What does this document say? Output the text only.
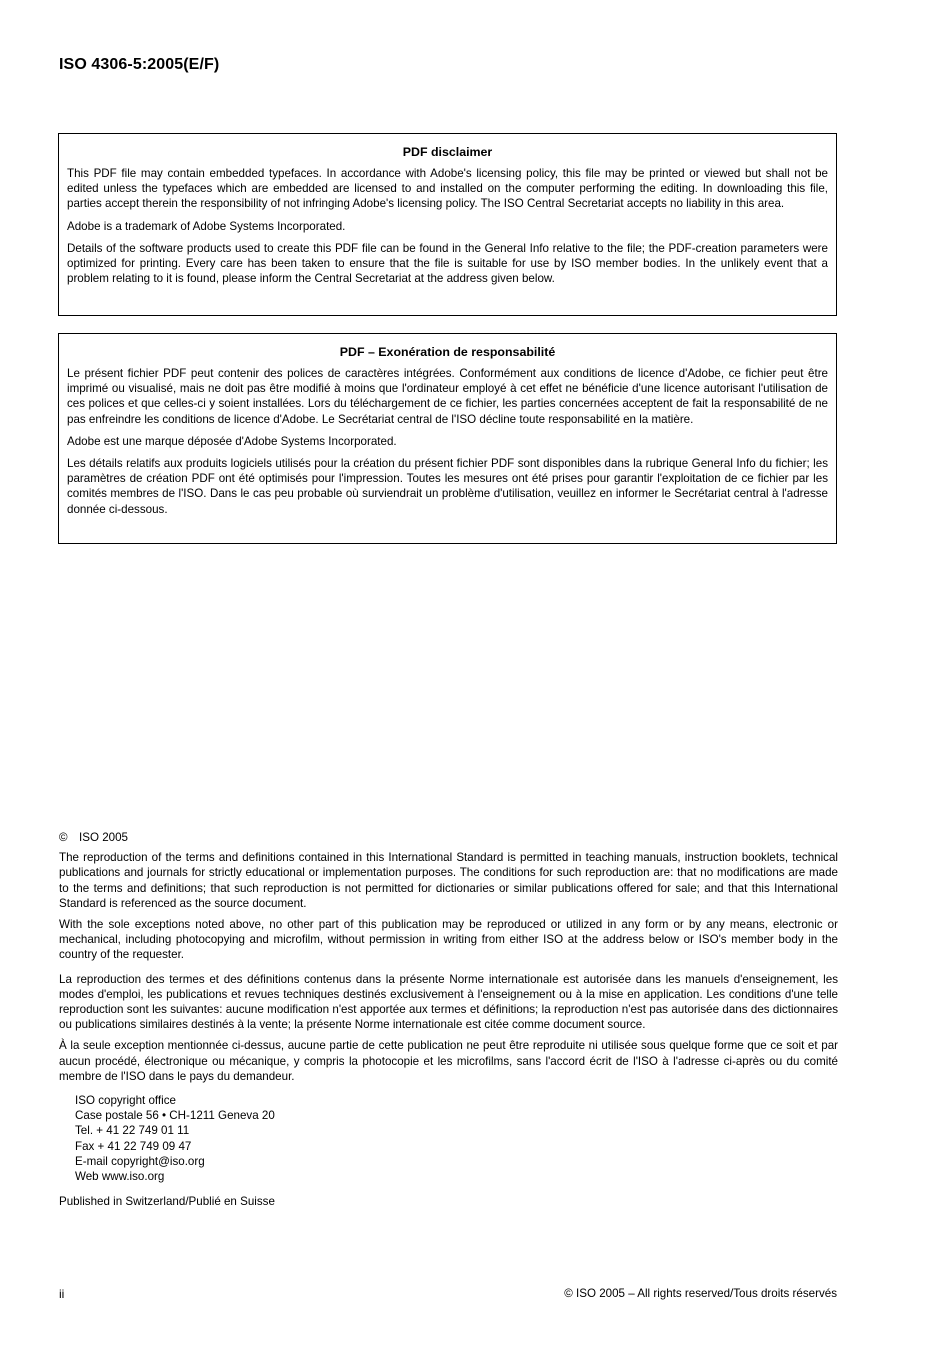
ISO 4306-5:2005(E/F)
PDF disclaimer

This PDF file may contain embedded typefaces. In accordance with Adobe's licensing policy, this file may be printed or viewed but shall not be edited unless the typefaces which are embedded are licensed to and installed on the computer performing the editing. In downloading this file, parties accept therein the responsibility of not infringing Adobe's licensing policy. The ISO Central Secretariat accepts no liability in this area.

Adobe is a trademark of Adobe Systems Incorporated.

Details of the software products used to create this PDF file can be found in the General Info relative to the file; the PDF-creation parameters were optimized for printing. Every care has been taken to ensure that the file is suitable for use by ISO member bodies. In the unlikely event that a problem relating to it is found, please inform the Central Secretariat at the address given below.

PDF – Exonération de responsabilité

Le présent fichier PDF peut contenir des polices de caractères intégrées. Conformément aux conditions de licence d'Adobe, ce fichier peut être imprimé ou visualisé, mais ne doit pas être modifié à moins que l'ordinateur employé à cet effet ne bénéficie d'une licence autorisant l'utilisation de ces polices et que celles-ci y soient installées. Lors du téléchargement de ce fichier, les parties concernées acceptent de fait la responsabilité de ne pas enfreindre les conditions de licence d'Adobe. Le Secrétariat central de l'ISO décline toute responsabilité en la matière.

Adobe est une marque déposée d'Adobe Systems Incorporated.

Les détails relatifs aux produits logiciels utilisés pour la création du présent fichier PDF sont disponibles dans la rubrique General Info du fichier; les paramètres de création PDF ont été optimisés pour l'impression. Toutes les mesures ont été prises pour garantir l'exploitation de ce fichier par les comités membres de l'ISO. Dans le cas peu probable où surviendrait un problème d'utilisation, veuillez en informer le Secrétariat central à l'adresse donnée ci-dessous.

© ISO 2005

The reproduction of the terms and definitions contained in this International Standard is permitted in teaching manuals, instruction booklets, technical publications and journals for strictly educational or implementation purposes. The conditions for such reproduction are: that no modifications are made to the terms and definitions; that such reproduction is not permitted for dictionaries or similar publications offered for sale; and that this International Standard is referenced as the source document.

With the sole exceptions noted above, no other part of this publication may be reproduced or utilized in any form or by any means, electronic or mechanical, including photocopying and microfilm, without permission in writing from either ISO at the address below or ISO's member body in the country of the requester.

La reproduction des termes et des définitions contenus dans la présente Norme internationale est autorisée dans les manuels d'enseignement, les modes d'emploi, les publications et revues techniques destinés exclusivement à l'enseignement ou à la mise en application. Les conditions d'une telle reproduction sont les suivantes: aucune modification n'est apportée aux termes et définitions; la reproduction n'est pas autorisée dans des dictionnaires ou publications similaires destinés à la vente; la présente Norme internationale est citée comme document source.

À la seule exception mentionnée ci-dessus, aucune partie de cette publication ne peut être reproduite ni utilisée sous quelque forme que ce soit et par aucun procédé, électronique ou mécanique, y compris la photocopie et les microfilms, sans l'accord écrit de l'ISO à l'adresse ci-après ou du comité membre de l'ISO dans le pays du demandeur.

ISO copyright office
Case postale 56 • CH-1211 Geneva 20
Tel. + 41 22 749 01 11
Fax + 41 22 749 09 47
E-mail copyright@iso.org
Web www.iso.org

Published in Switzerland/Publié en Suisse

ii	© ISO 2005 – All rights reserved/Tous droits réservés
